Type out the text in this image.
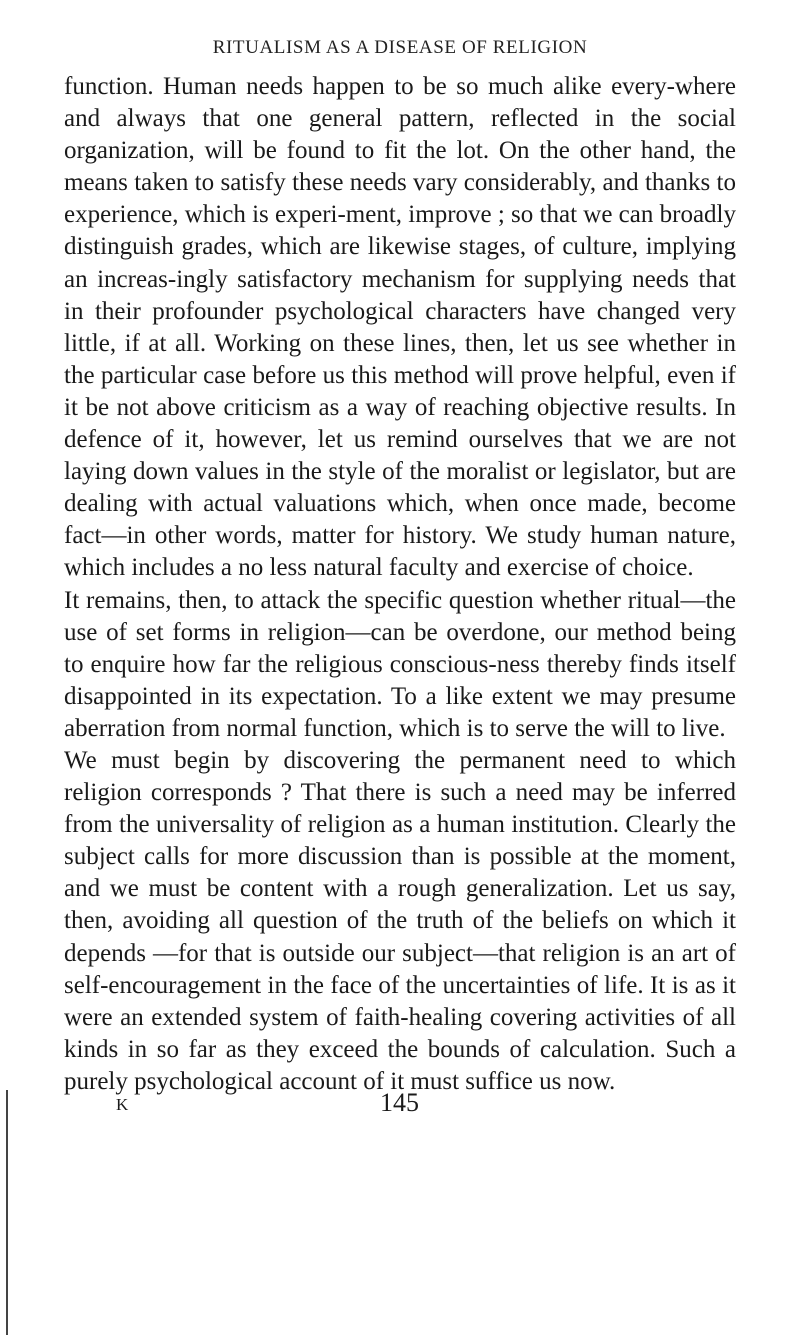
RITUALISM AS A DISEASE OF RELIGION

function. Human needs happen to be so much alike every-where and always that one general pattern, reflected in the social organization, will be found to fit the lot. On the other hand, the means taken to satisfy these needs vary considerably, and thanks to experience, which is experi-ment, improve ; so that we can broadly distinguish grades, which are likewise stages, of culture, implying an increas-ingly satisfactory mechanism for supplying needs that in their profounder psychological characters have changed very little, if at all. Working on these lines, then, let us see whether in the particular case before us this method will prove helpful, even if it be not above criticism as a way of reaching objective results. In defence of it, however, let us remind ourselves that we are not laying down values in the style of the moralist or legislator, but are dealing with actual valuations which, when once made, become fact—in other words, matter for history. We study human nature, which includes a no less natural faculty and exercise of choice.

It remains, then, to attack the specific question whether ritual—the use of set forms in religion—can be overdone, our method being to enquire how far the religious conscious-ness thereby finds itself disappointed in its expectation. To a like extent we may presume aberration from normal function, which is to serve the will to live.

We must begin by discovering the permanent need to which religion corresponds ? That there is such a need may be inferred from the universality of religion as a human institution. Clearly the subject calls for more discussion than is possible at the moment, and we must be content with a rough generalization. Let us say, then, avoiding all question of the truth of the beliefs on which it depends —for that is outside our subject—that religion is an art of self-encouragement in the face of the uncertainties of life. It is as it were an extended system of faith-healing covering activities of all kinds in so far as they exceed the bounds of calculation. Such a purely psychological account of it must suffice us now.

K	145
